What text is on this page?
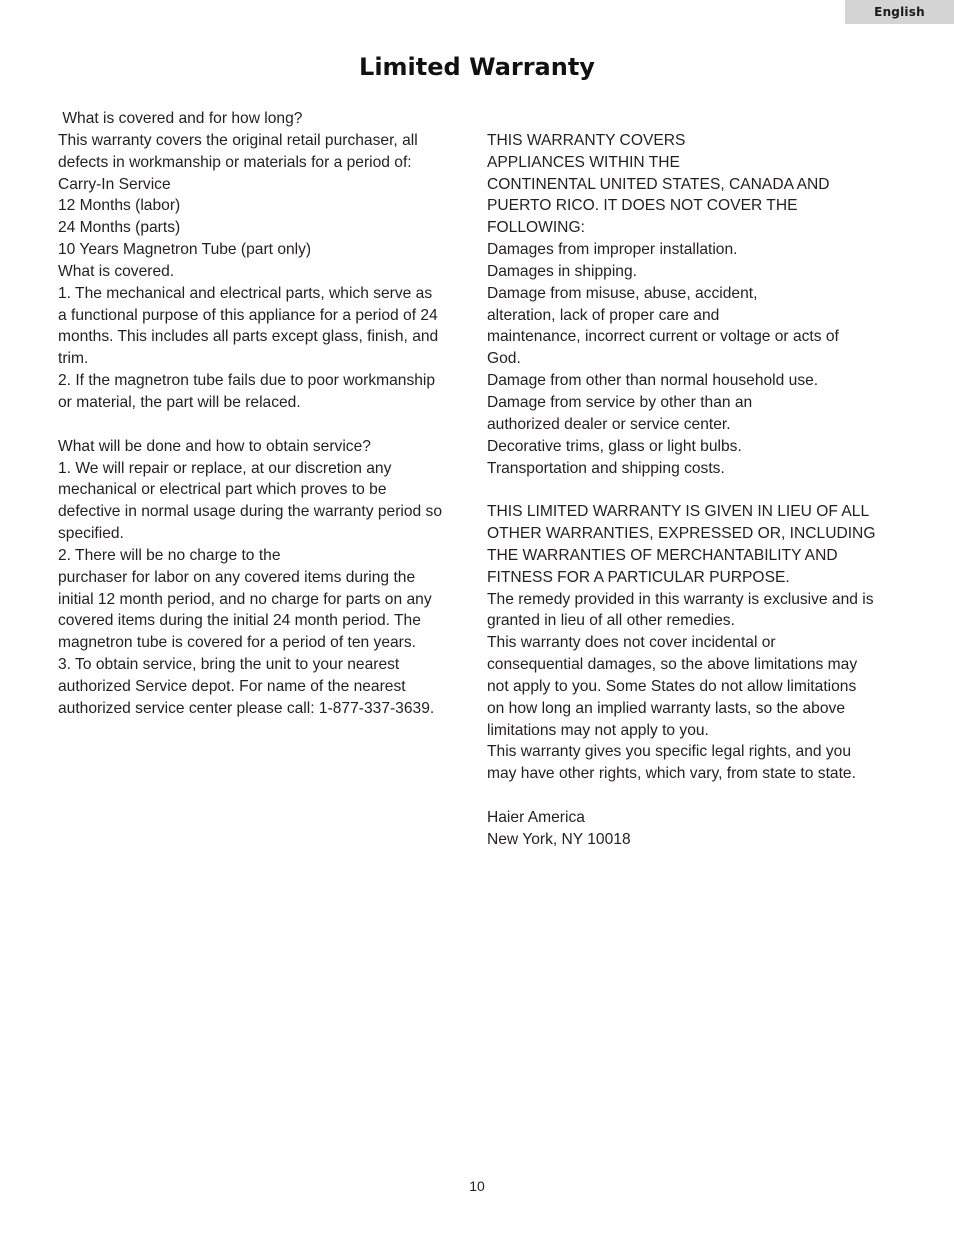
English
Limited Warranty

What is covered and for how long?

This warranty covers the original retail purchaser, all

defects in workmanship or materials for a period of:

Carry-In Service

12 Months (labor)

24 Months (parts)

10 Years Magnetron Tube (part only)

What is covered.

1. The mechanical and electrical parts, which serve as

a functional purpose of this appliance for a period of 24

months. This includes all parts except glass, finish, and

trim.

2. If the magnetron tube fails due to poor workmanship

or material, the part will be relaced.

What will be done and how to obtain service?

1. We will repair or replace, at our discretion any

mechanical or electrical part which proves to be

defective in normal usage during the warranty period so

specified.

2. There will be no charge to the

purchaser for labor on any covered items during the

initial 12 month period, and no charge for parts on any

covered items during the initial 24 month period. The

magnetron tube is covered for a period of ten years.

3. To obtain service, bring the unit to your nearest

authorized Service depot. For name of the nearest

authorized service center please call: 1-877-337-3639.

THIS WARRANTY COVERS

APPLIANCES WITHIN THE

CONTINENTAL UNITED STATES, CANADA AND

PUERTO RICO. IT DOES NOT COVER THE

FOLLOWING:

Damages from improper installation.

Damages in shipping.

Damage from misuse, abuse, accident,

alteration, lack of proper care and

maintenance, incorrect current or voltage or acts of

God.

Damage from other than normal household use.

Damage from service by other than an

authorized dealer or service center.

Decorative trims, glass or light bulbs.

Transportation and shipping costs.

THIS LIMITED WARRANTY IS GIVEN IN LIEU OF ALL

OTHER WARRANTIES, EXPRESSED OR, INCLUDING

THE WARRANTIES OF MERCHANTABILITY AND

FITNESS FOR A PARTICULAR PURPOSE.

The remedy provided in this warranty is exclusive and is

granted in lieu of all other remedies.

This warranty does not cover incidental or

consequential damages, so the above limitations may

not apply to you. Some States do not allow limitations

on how long an implied warranty lasts, so the above

limitations may not apply to you.

This warranty gives you specific legal rights, and you

may have other rights, which vary, from state to state.

Haier America

New York, NY 10018

10
